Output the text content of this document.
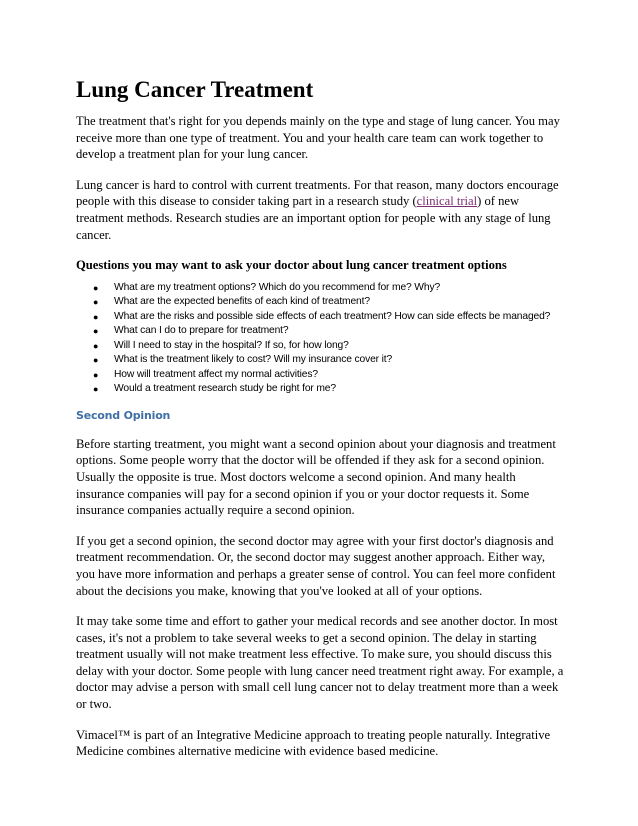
Lung Cancer Treatment

The treatment that's right for you depends mainly on the type and stage of lung cancer. You may receive more than one type of treatment. You and your health care team can work together to develop a treatment plan for your lung cancer.

Lung cancer is hard to control with current treatments. For that reason, many doctors encourage people with this disease to consider taking part in a research study (clinical trial) of new treatment methods. Research studies are an important option for people with any stage of lung cancer.

Questions you may want to ask your doctor about lung cancer treatment options

● What are my treatment options? Which do you recommend for me? Why?
● What are the expected benefits of each kind of treatment?
● What are the risks and possible side effects of each treatment? How can side effects be managed?
● What can I do to prepare for treatment?
● Will I need to stay in the hospital? If so, for how long?
● What is the treatment likely to cost? Will my insurance cover it?
● How will treatment affect my normal activities?
● Would a treatment research study be right for me?

Second Opinion

Before starting treatment, you might want a second opinion about your diagnosis and treatment options. Some people worry that the doctor will be offended if they ask for a second opinion. Usually the opposite is true. Most doctors welcome a second opinion. And many health insurance companies will pay for a second opinion if you or your doctor requests it. Some insurance companies actually require a second opinion.

If you get a second opinion, the second doctor may agree with your first doctor's diagnosis and treatment recommendation. Or, the second doctor may suggest another approach. Either way, you have more information and perhaps a greater sense of control. You can feel more confident about the decisions you make, knowing that you've looked at all of your options.

It may take some time and effort to gather your medical records and see another doctor. In most cases, it's not a problem to take several weeks to get a second opinion. The delay in starting treatment usually will not make treatment less effective. To make sure, you should discuss this delay with your doctor. Some people with lung cancer need treatment right away. For example, a doctor may advise a person with small cell lung cancer not to delay treatment more than a week or two.

Vimacel™ is part of an Integrative Medicine approach to treating people naturally. Integrative Medicine combines alternative medicine with evidence based medicine.
